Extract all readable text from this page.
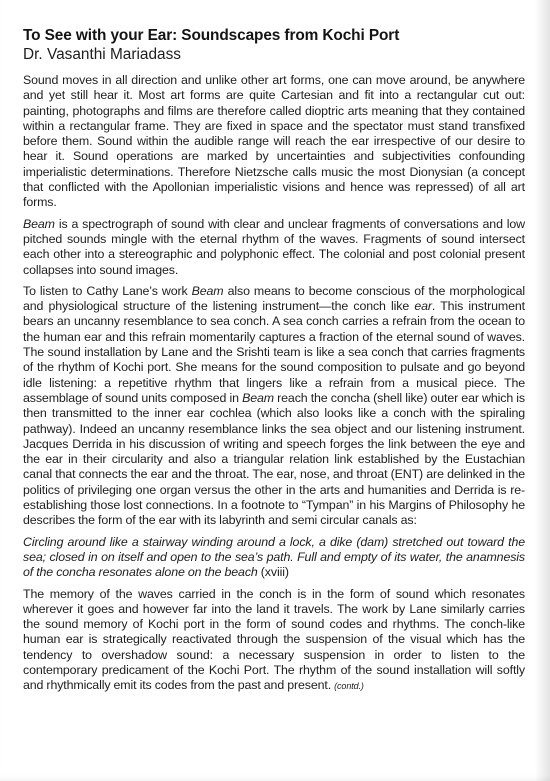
To See with your Ear: Soundscapes from Kochi Port
Dr. Vasanthi Mariadass

Sound moves in all direction and unlike other art forms, one can move around, be anywhere and yet still hear it. Most art forms are quite Cartesian and fit into a rectangular cut out: painting, photographs and films are therefore called dioptric arts meaning that they contained within a rectangular frame. They are fixed in space and the spectator must stand transfixed before them. Sound within the audible range will reach the ear irrespective of our desire to hear it. Sound operations are marked by uncertainties and subjectivities confounding imperialistic determinations. Therefore Nietzsche calls music the most Dionysian (a concept that conflicted with the Apollonian imperialistic visions and hence was repressed) of all art forms.

Beam is a spectrograph of sound with clear and unclear fragments of conversations and low pitched sounds mingle with the eternal rhythm of the waves. Fragments of sound intersect each other into a stereographic and polyphonic effect. The colonial and post colonial present collapses into sound images.

To listen to Cathy Lane’s work Beam also means to become conscious of the morphological and physiological structure of the listening instrument—the conch like ear. This instrument bears an uncanny resemblance to sea conch. A sea conch carries a refrain from the ocean to the human ear and this refrain momentarily captures a fraction of the eternal sound of waves. The sound installation by Lane and the Srishti team is like a sea conch that carries fragments of the rhythm of Kochi port. She means for the sound composition to pulsate and go beyond idle listening: a repetitive rhythm that lingers like a refrain from a musical piece. The assemblage of sound units composed in Beam reach the concha (shell like) outer ear which is then transmitted to the inner ear cochlea (which also looks like a conch with the spiraling pathway). Indeed an uncanny resemblance links the sea object and our listening instrument. Jacques Derrida in his discussion of writing and speech forges the link between the eye and the ear in their circularity and also a triangular relation link established by the Eustachian canal that connects the ear and the throat. The ear, nose, and throat (ENT) are delinked in the politics of privileging one organ versus the other in the arts and humanities and Derrida is re-establishing those lost connections. In a footnote to “Tympan” in his Margins of Philosophy he describes the form of the ear with its labyrinth and semi circular canals as:

Circling around like a stairway winding around a lock, a dike (dam) stretched out toward the sea; closed in on itself and open to the sea’s path. Full and empty of its water, the anamnesis of the concha resonates alone on the beach (xviii)

The memory of the waves carried in the conch is in the form of sound which resonates wherever it goes and however far into the land it travels. The work by Lane similarly carries the sound memory of Kochi port in the form of sound codes and rhythms. The conch-like human ear is strategically reactivated through the suspension of the visual which has the tendency to overshadow sound: a necessary suspension in order to listen to the contemporary predicament of the Kochi Port. The rhythm of the sound installation will softly and rhythmically emit its codes from the past and present. (contd.)
